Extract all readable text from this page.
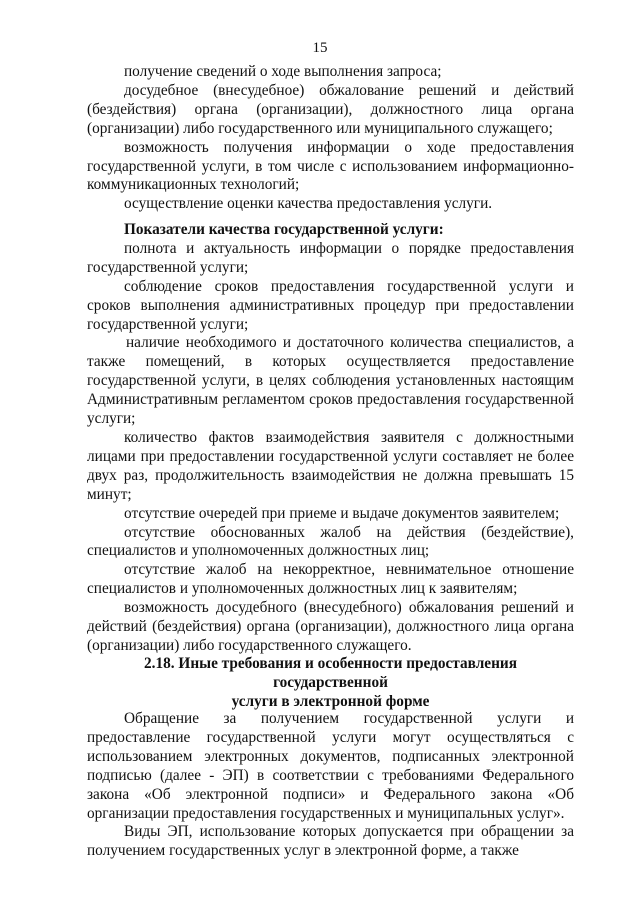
15

получение сведений о ходе выполнения запроса;

досудебное (внесудебное) обжалование решений и действий (бездействия) органа (организации), должностного лица органа (организации) либо государственного или муниципального служащего;

возможность получения информации о ходе предоставления государственной услуги, в том числе с использованием информационно-коммуникационных технологий;

осуществление оценки качества предоставления услуги.

Показатели качества государственной услуги:

полнота и актуальность информации о порядке предоставления государственной услуги;

соблюдение сроков предоставления государственной услуги и сроков выполнения административных процедур при предоставлении государственной услуги;

наличие необходимого и достаточного количества специалистов, а также помещений, в которых осуществляется предоставление государственной услуги, в целях соблюдения установленных настоящим Административным регламентом сроков предоставления государственной услуги;

количество фактов взаимодействия заявителя с должностными лицами при предоставлении государственной услуги составляет не более двух раз, продолжительность взаимодействия не должна превышать 15 минут;

отсутствие очередей при приеме и выдаче документов заявителем;

отсутствие обоснованных жалоб на действия (бездействие), специалистов и уполномоченных должностных лиц;

отсутствие жалоб на некорректное, невнимательное отношение специалистов и уполномоченных должностных лиц к заявителям;

возможность досудебного (внесудебного) обжалования решений и действий (бездействия) органа (организации), должностного лица органа (организации) либо государственного служащего.

2.18. Иные требования и особенности предоставления государственной

услуги в электронной форме

Обращение за получением государственной услуги и предоставление государственной услуги могут осуществляться с использованием электронных документов, подписанных электронной подписью (далее - ЭП) в соответствии с требованиями Федерального закона «Об электронной подписи» и Федерального закона «Об организации предоставления государственных и муниципальных услуг».

Виды ЭП, использование которых допускается при обращении за получением государственных услуг в электронной форме, а также
